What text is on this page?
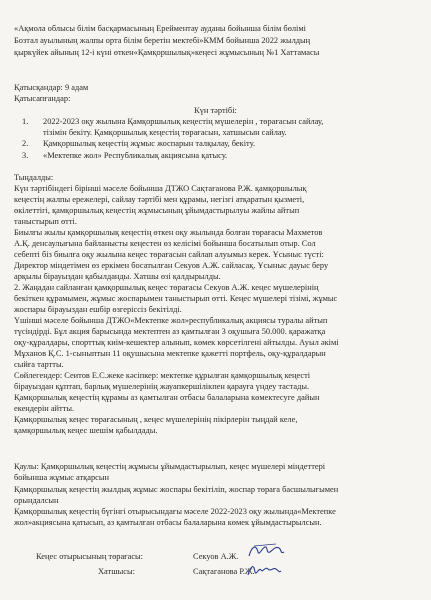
«Ақмола облысы білім басқармасының Ерейментау ауданы бойынша білім бөлімі
Бозтал ауылының жалпы орта білім беретін мектебі»КММ бойынша 2022 жылдың
қыркүйек айының 12-і күні өткен«Қамқоршылық»кеңесі жұмысының №1 Хаттамасы
Қатысқандар: 9 адам
Қатысапғандар:
Күн тәртібі:
1. 2022-2023 оқу жылына Қамқоршылық кеңестің мүшелерін , төрағасын сайлау,
тізімін бекіту. Қамқоршылық кеңестің төрағасын, хатшысын сайлау.
2. Қамқоршылық кеңестің жұмыс жоспарын талқылау, бекіту.
3. «Мектепке жол» Республикалық акциясына қатысу.
Тыңдалды:
Күн тәртібіндегі бірінші мәселе бойынша ДТЖО Сақтағанова Р.Ж. қамқоршылық
кеңестің жалпы ережелері, сайлау тәртібі мен құрамы, негізгі атқаратын қызметі,
өкілеттігі, қамқоршылық кеңестің жұмысының ұйымдастырылуы жайлы айтып
таныстырып өтті.
Биылғы жылы қамқоршылық кеңестің өткен оқу жылында болған төрағасы Махметов
А.Қ. денсаулығына байланысты кеңестен өз келісімі бойынша босатылып отыр. Сол
себепті біз биылға оқу жылына кеңес төрағасын сайлап алуымыз керек. Ұсыныс түсті:
Директор міндетімен өз еркімен босатылған Секуов А.Ж. сайласақ. Ұсыныс дауыс беру
арқылы бірауыздан қабылданды. Хатшы өзі қалдырылды.
2. Жаңадан сайланған қамқоршылық кеңес төрағасы Секуов А.Ж. кеңес мүшелерінің
бекіткен құрамымен, жұмыс жоспарымен таныстырып өтті. Кеңес мүшелері тізімі, жұмыс
жоспары бірауыздан ешбір өзгеріссіз бекітілді.
Үшінші мәселе бойынша ДТЖО«Мектепке жол»республикалық акциясы туралы айтып
түсіндірді. Бұл акция барысында мектептен аз қамтылған 3 оқушыға 50.000. қаражатқа
оқу-құралдары, спорттық киім-кешектер алынып, көмек көрсетілгені айтылды. Ауыл әкімі
Мұханов Қ.С. 1-сыныптын 11 оқушысына мектепке қажетті портфель, оқу-құралдарын
сыйға тартты.
Сөйлегендер: Сеитов Е.С.жеке кәсіпкер: мектепке құрылған қамқоршылық кеңесті
бірауыздан құптап, барлық мүшелерінің жауапкершілікпен қарауға үндеу тастады.
Қамқоршылық кеңестің құрамы аз қамтылған отбасы балаларына көмектесуге дайын
екендерін айтты.
Қамқоршылық кеңес төрағасының , кеңес мүшелерінің пікірлерін тыңдай келе,
қамқоршылық кеңес шешім қабылдады.
Қаулы: Қамқоршылық кеңестің жұмысы ұйымдастырылып, кеңес мүшелері міндеттері
бойынша жұмыс атқарсын
Қамқоршылық кеңестің жылдық жұмыс жоспары бекітіліп, жоспар төраға басшылығымен
орындалсын
Қамқоршылық кеңестің бүгінгі отырысындағы мәселе 2022-2023 оқу жылында«Мектепке
жол»акциясына қатысып, аз қамтылған отбасы балаларына көмек ұйымдастырылсын.
Кеңес отырысының төрағасы:	Секуов А.Ж.
Хатшысы:	Сақтаганова Р.Ж.
